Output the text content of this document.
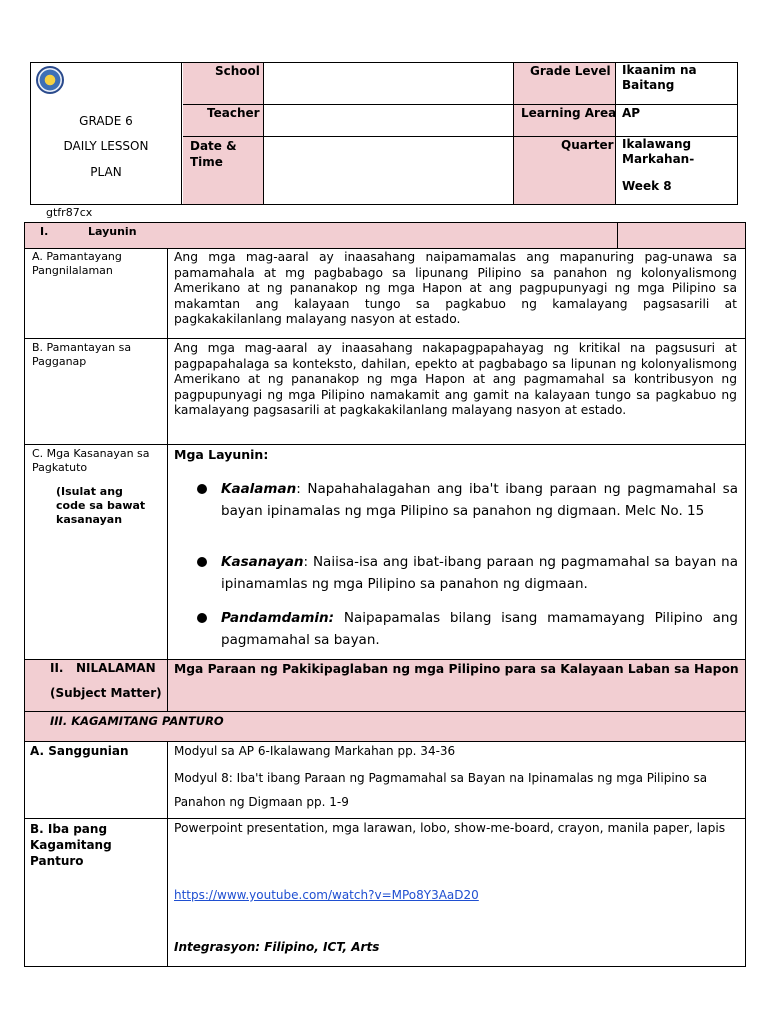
GRADE 6
DAILY LESSON
PLAN
School
Teacher
Date & Time
Grade Level Ikaanim na Baitang
Learning Area AP
Quarter Ikalawang Markahan-
Week 8
gtfr87cx
I.	Layunin
A. Pamantayang Pangnilalaman
Ang mga mag-aaral ay inaasahang naipamamalas ang mapanuring pag-unawa sa pamamahala at mg pagbabago sa lipunang Pilipino sa panahon ng kolonyalismong Amerikano at ng pananakop ng mga Hapon at ang pagpupunyagi ng mga Pilipino sa makamtan ang kalayaan tungo sa pagkabuo ng kamalayang pagsasarili at pagkakakilanlang malayang nasyon at estado.
B. Pamantayan sa Pagganap
Ang mga mag-aaral ay inaasahang nakapagpapahayag ng kritikal na pagsusuri at pagpapahalaga sa konteksto, dahilan, epekto at pagbabago sa lipunan ng kolonyalismong Amerikano at ng pananakop ng mga Hapon at ang pagmamahal sa kontribusyon ng pagpupunyagi ng mga Pilipino namakamit ang gamit na kalayaan tungo sa pagkabuo ng kamalayang pagsasarili at pagkakakilanlang malayang nasyon at estado.
C. Mga Kasanayan sa Pagkatuto
(Isulat ang code sa bawat kasanayan
Mga Layunin:
Kaalaman: Napahahalagahan ang iba't ibang paraan ng pagmamahal sa bayan ipinamalas ng mga Pilipino sa panahon ng digmaan. Melc No. 15
Kasanayan: Naiisa-isa ang ibat-ibang paraan ng pagmamahal sa bayan na ipinamamlas ng mga Pilipino sa panahon ng digmaan.
Pandamdamin: Naipapamalas bilang isang mamamayang Pilipino ang pagmamahal sa bayan.
II. NILALAMAN
(Subject Matter)
Mga Paraan ng Pakikipaglaban ng mga Pilipino para sa Kalayaan Laban sa Hapon
III. KAGAMITANG PANTURO
A. Sanggunian	Modyul sa AP 6-Ikalawang Markahan pp. 34-36
Modyul 8: Iba't ibang Paraan ng Pagmamahal sa Bayan na Ipinamalas ng mga Pilipino sa Panahon ng Digmaan pp. 1-9
B. Iba pang Kagamitang Panturo
Powerpoint presentation, mga larawan, lobo, show-me-board, crayon, manila paper, lapis
https://www.youtube.com/watch?v=MPo8Y3AaD20
Integrasyon: Filipino, ICT, Arts
